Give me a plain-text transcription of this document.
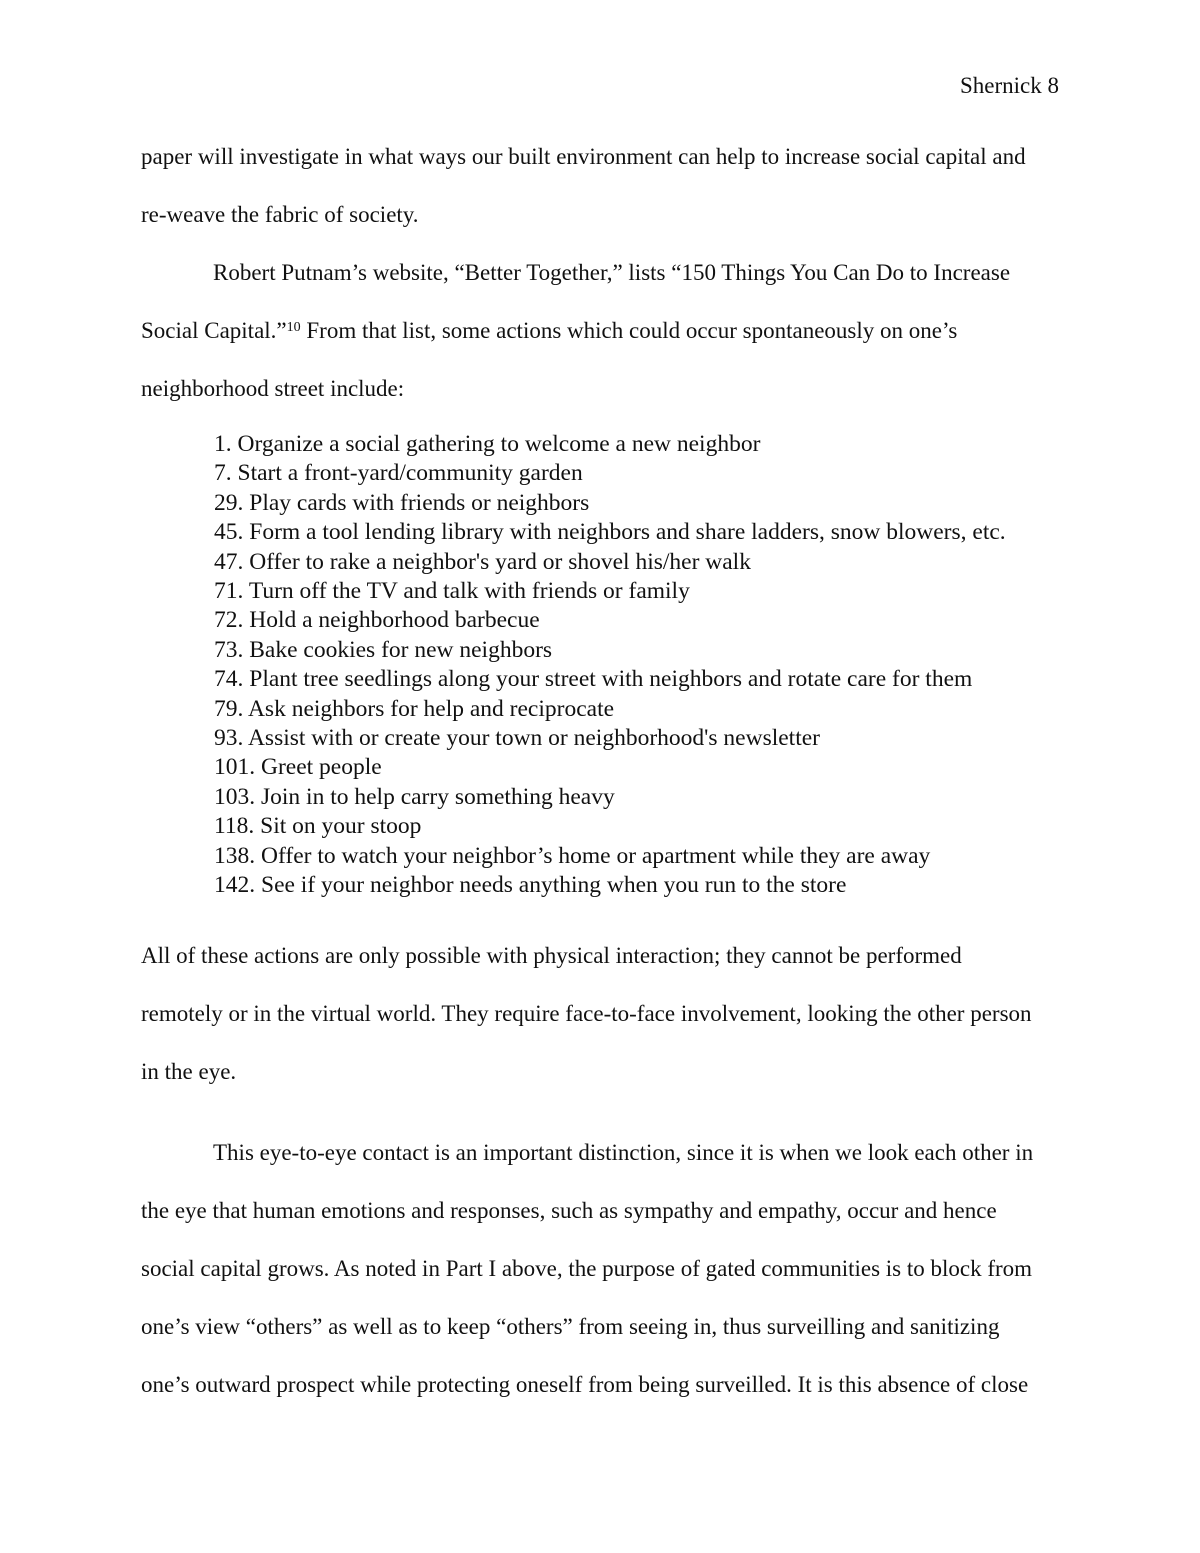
Shernick 8

paper will investigate in what ways our built environment can help to increase social capital and

re-weave the fabric of society.

Robert Putnam’s website, “Better Together,” lists “150 Things You Can Do to Increase

Social Capital.”$^{10}$ From that list, some actions which could occur spontaneously on one’s

neighborhood street include:

1. Organize a social gathering to welcome a new neighbor
7. Start a front-yard/community garden
29. Play cards with friends or neighbors
45. Form a tool lending library with neighbors and share ladders, snow blowers, etc.
47. Offer to rake a neighbor's yard or shovel his/her walk
71. Turn off the TV and talk with friends or family
72. Hold a neighborhood barbecue
73. Bake cookies for new neighbors
74. Plant tree seedlings along your street with neighbors and rotate care for them
79. Ask neighbors for help and reciprocate
93. Assist with or create your town or neighborhood's newsletter
101. Greet people
103. Join in to help carry something heavy
118. Sit on your stoop
138. Offer to watch your neighbor’s home or apartment while they are away
142. See if your neighbor needs anything when you run to the store

All of these actions are only possible with physical interaction; they cannot be performed

remotely or in the virtual world. They require face-to-face involvement, looking the other person

in the eye.

This eye-to-eye contact is an important distinction, since it is when we look each other in

the eye that human emotions and responses, such as sympathy and empathy, occur and hence

social capital grows. As noted in Part I above, the purpose of gated communities is to block from

one’s view “others” as well as to keep “others” from seeing in, thus surveilling and sanitizing

one’s outward prospect while protecting oneself from being surveilled. It is this absence of close
